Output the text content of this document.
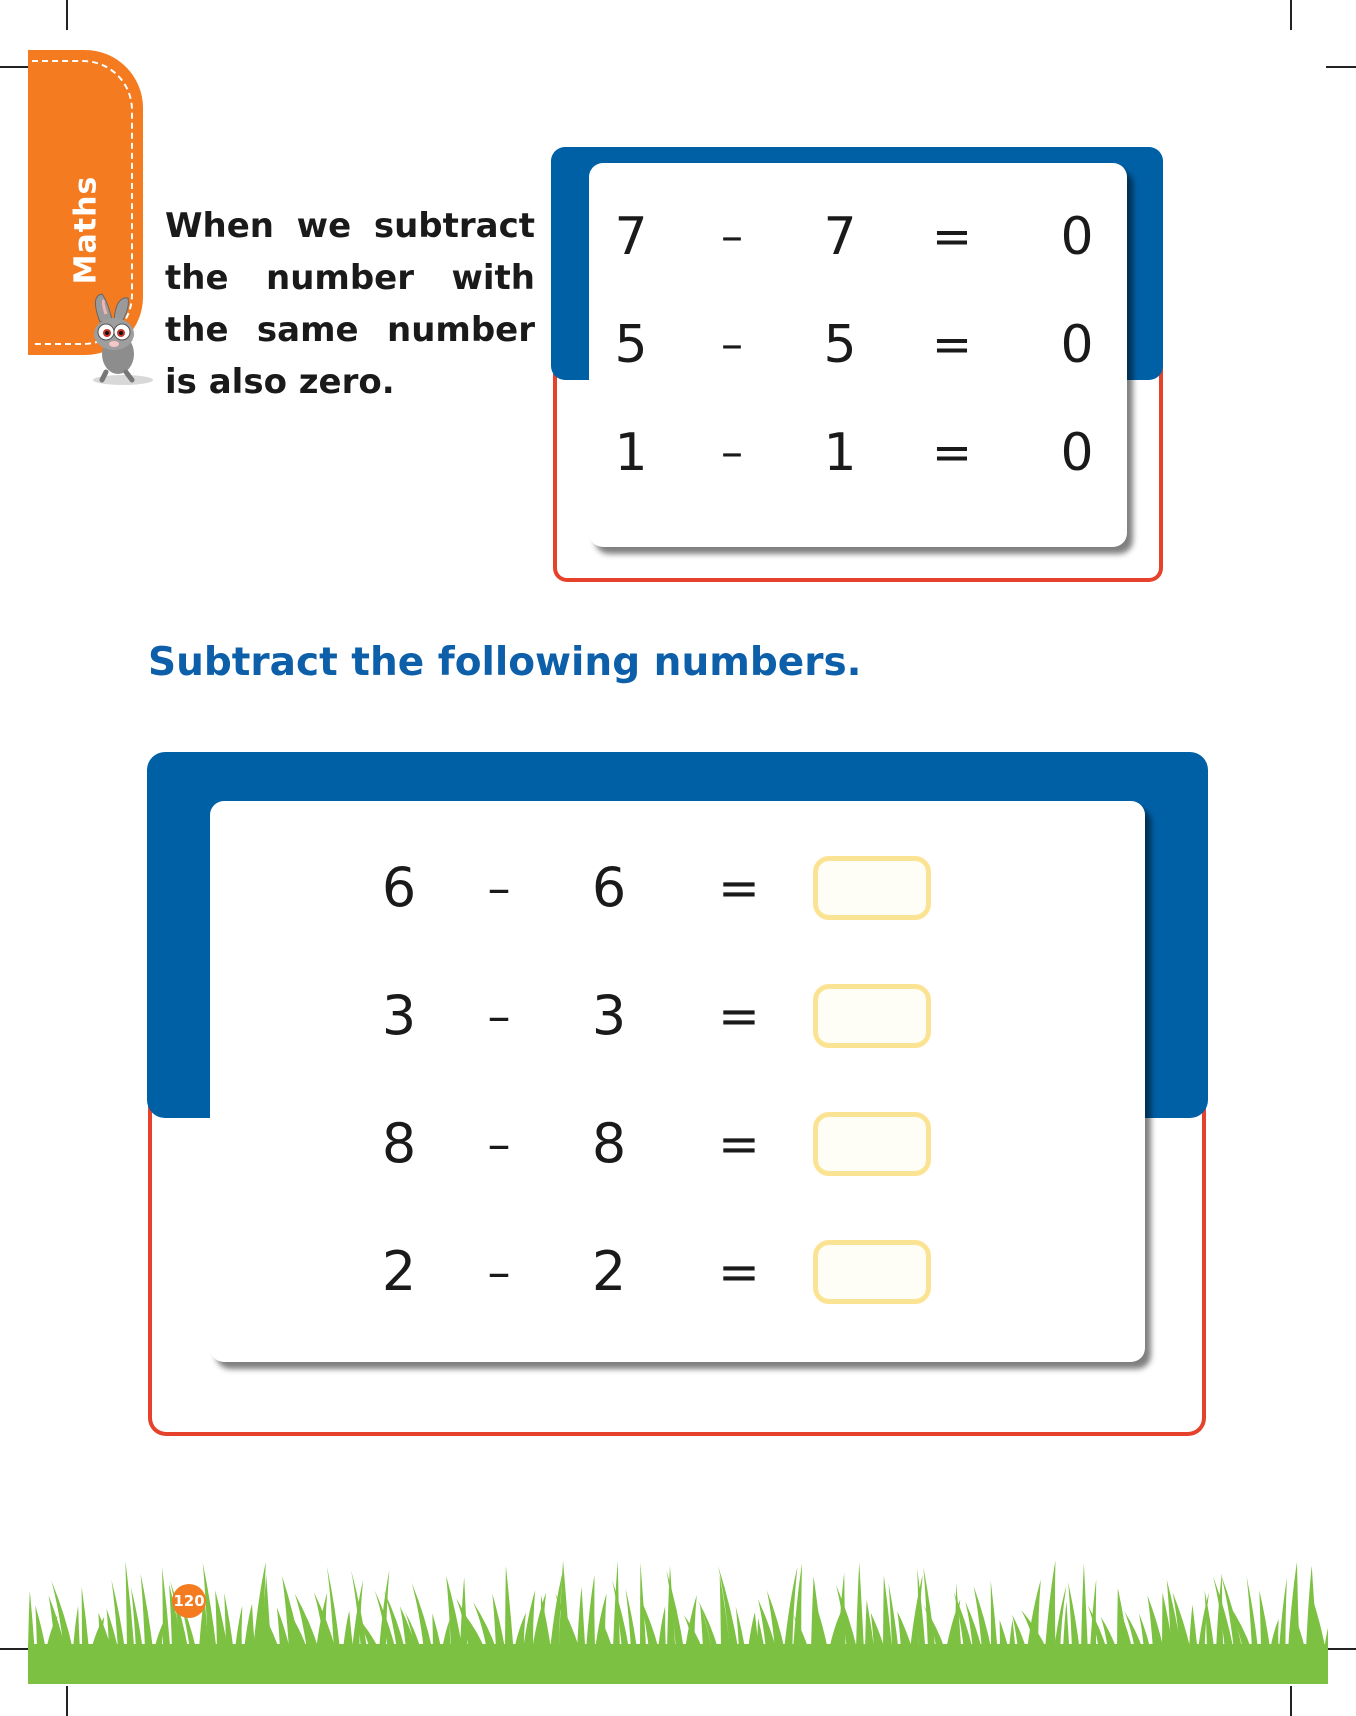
Maths When we subtract the number with the same number is also zero.
7 – 7 = 0
5 – 5 = 0
1 – 1 = 0
Subtract the following numbers.
6 – 6 =
3 – 3 =
8 – 8 =
2 – 2 =
120
